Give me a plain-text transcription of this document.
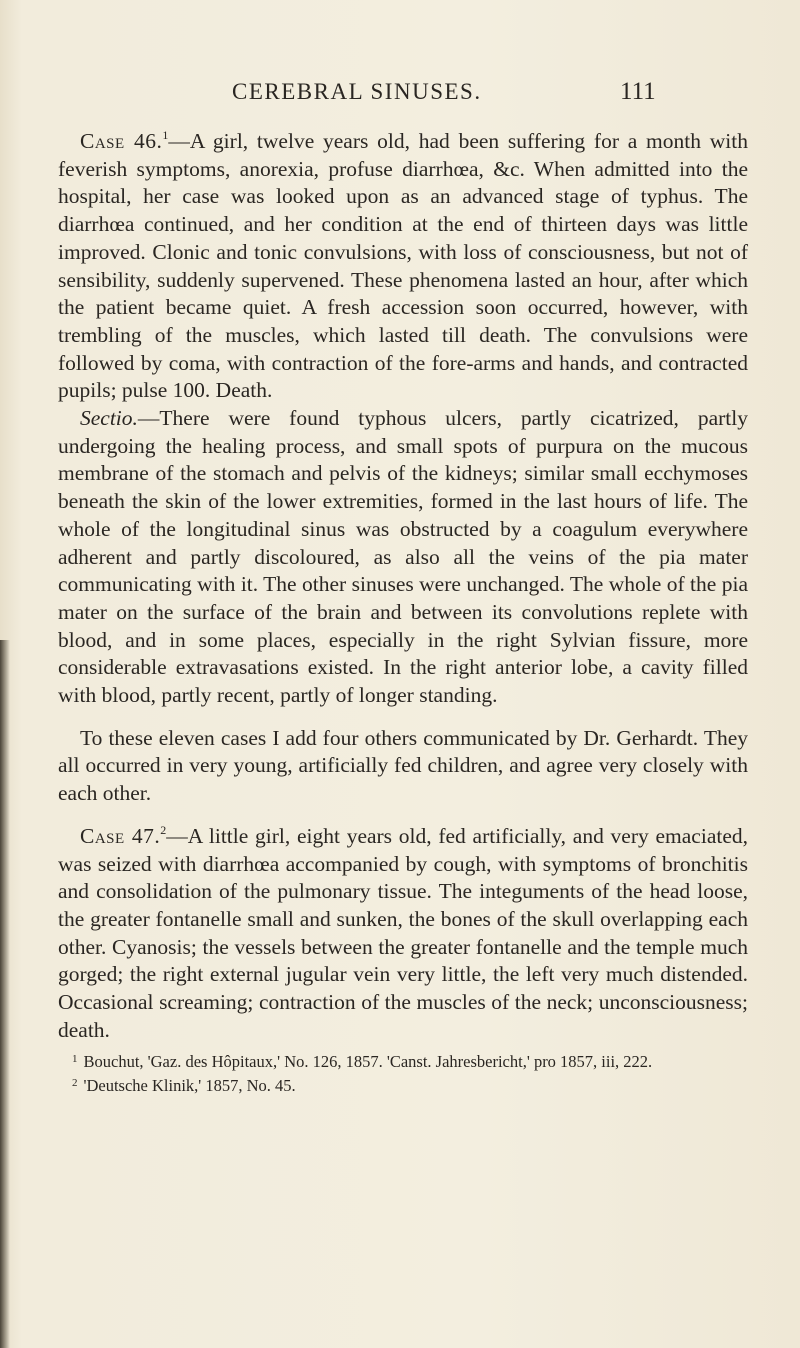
CEREBRAL SINUSES.	111

Case 46.$^1$—A girl, twelve years old, had been suffering for a month with feverish symptoms, anorexia, profuse diarrhœa, &c. When admitted into the hospital, her case was looked upon as an advanced stage of typhus. The diarrhœa continued, and her condition at the end of thirteen days was little improved. Clonic and tonic convulsions, with loss of consciousness, but not of sensibility, suddenly supervened. These phenomena lasted an hour, after which the patient became quiet. A fresh accession soon occurred, however, with trembling of the muscles, which lasted till death. The convulsions were followed by coma, with contraction of the fore-arms and hands, and contracted pupils; pulse 100. Death.

Sectio.—There were found typhous ulcers, partly cicatrized, partly undergoing the healing process, and small spots of purpura on the mucous membrane of the stomach and pelvis of the kidneys; similar small ecchymoses beneath the skin of the lower extremities, formed in the last hours of life. The whole of the longitudinal sinus was obstructed by a coagulum everywhere adherent and partly discoloured, as also all the veins of the pia mater communicating with it. The other sinuses were unchanged. The whole of the pia mater on the surface of the brain and between its convolutions replete with blood, and in some places, especially in the right Sylvian fissure, more considerable extravasations existed. In the right anterior lobe, a cavity filled with blood, partly recent, partly of longer standing.

To these eleven cases I add four others communicated by Dr. Gerhardt. They all occurred in very young, artificially fed children, and agree very closely with each other.

Case 47.$^2$—A little girl, eight years old, fed artificially, and very emaciated, was seized with diarrhœa accompanied by cough, with symptoms of bronchitis and consolidation of the pulmonary tissue. The integuments of the head loose, the greater fontanelle small and sunken, the bones of the skull overlapping each other. Cyanosis; the vessels between the greater fontanelle and the temple much gorged; the right external jugular vein very little, the left very much distended. Occasional screaming; contraction of the muscles of the neck; unconsciousness; death.

$^1$ Bouchut, 'Gaz. des Hôpitaux,' No. 126, 1857. 'Canst. Jahresbericht,' pro 1857, iii, 222.

$^2$ 'Deutsche Klinik,' 1857, No. 45.
